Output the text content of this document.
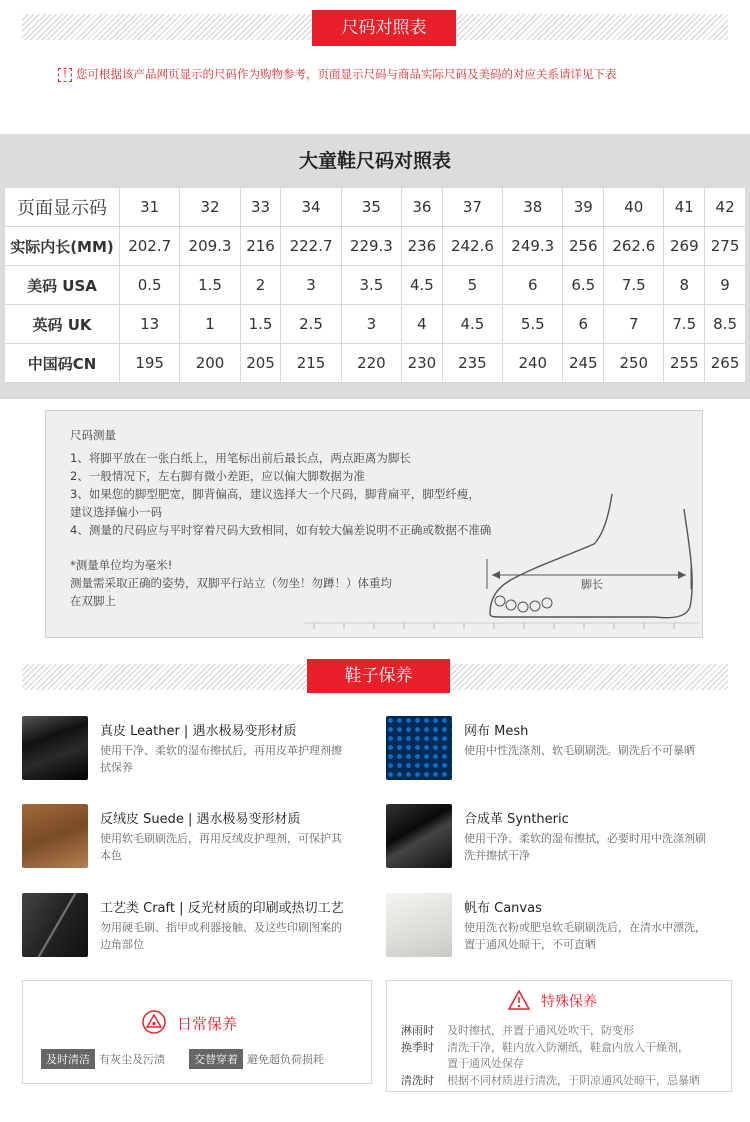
尺码对照表
! 您可根据该产品网页显示的尺码作为购物参考，页面显示尺码与商品实际尺码及美码的对应关系请详见下表
大童鞋尺码对照表
页面显示码	31	32	33	34	35	36	37	38	39	40	41	42
实际内长(MM)	202.7	209.3	216	222.7	229.3	236	242.6	249.3	256	262.6	269	275
美码 USA	0.5	1.5	2	3	3.5	4.5	5	6	6.5	7.5	8	9
英码 UK	13	1	1.5	2.5	3	4	4.5	5.5	6	7	7.5	8.5
中国码CN	195	200	205	215	220	230	235	240	245	250	255	265
尺码测量
1、将脚平放在一张白纸上，用笔标出前后最长点，两点距离为脚长
2、一般情况下，左右脚有微小差距，应以偏大脚数据为准
3、如果您的脚型肥宽，脚背偏高，建议选择大一个尺码，脚背扁平，脚型纤瘦，
建议选择偏小一码
4、测量的尺码应与平时穿着尺码大致相同，如有较大偏差说明不正确或数据不准确
*测量单位均为毫米!
测量需采取正确的姿势，双脚平行站立（勿坐！勿蹲！）体重均
在双脚上
脚长
鞋子保养
真皮 Leather | 遇水极易变形材质
使用干净、柔软的湿布擦拭后，再用皮革护理剂擦拭保养
网布 Mesh
使用中性洗涤剂、软毛刷刷洗。刷洗后不可暴晒
反绒皮 Suede | 遇水极易变形材质
使用软毛刷刷洗后，再用反绒皮护理剂，可保护其本色
合成革 Syntheric
使用干净、柔软的湿布擦拭，必要时用中洗涤剂刷洗并擦拭干净
工艺类 Craft | 反光材质的印刷或热切工艺
勿用硬毛刷、指甲或利器接触、及这些印刷图案的边角部位
帆布 Canvas
使用洗衣粉或肥皂软毛刷刷洗后，在清水中漂洗，置于通风处晾干，不可直晒
日常保养
及时清洁 有灰尘及污渍	交替穿着 避免超负荷损耗
特殊保养
淋雨时 及时擦拭，并置于通风处吹干，防变形
换季时 清洗干净，鞋内放入防潮纸，鞋盒内放入干燥剂，
置于通风处保存
清洗时 根据不同材质进行清洗，于阴凉通风处晾干，忌暴晒
